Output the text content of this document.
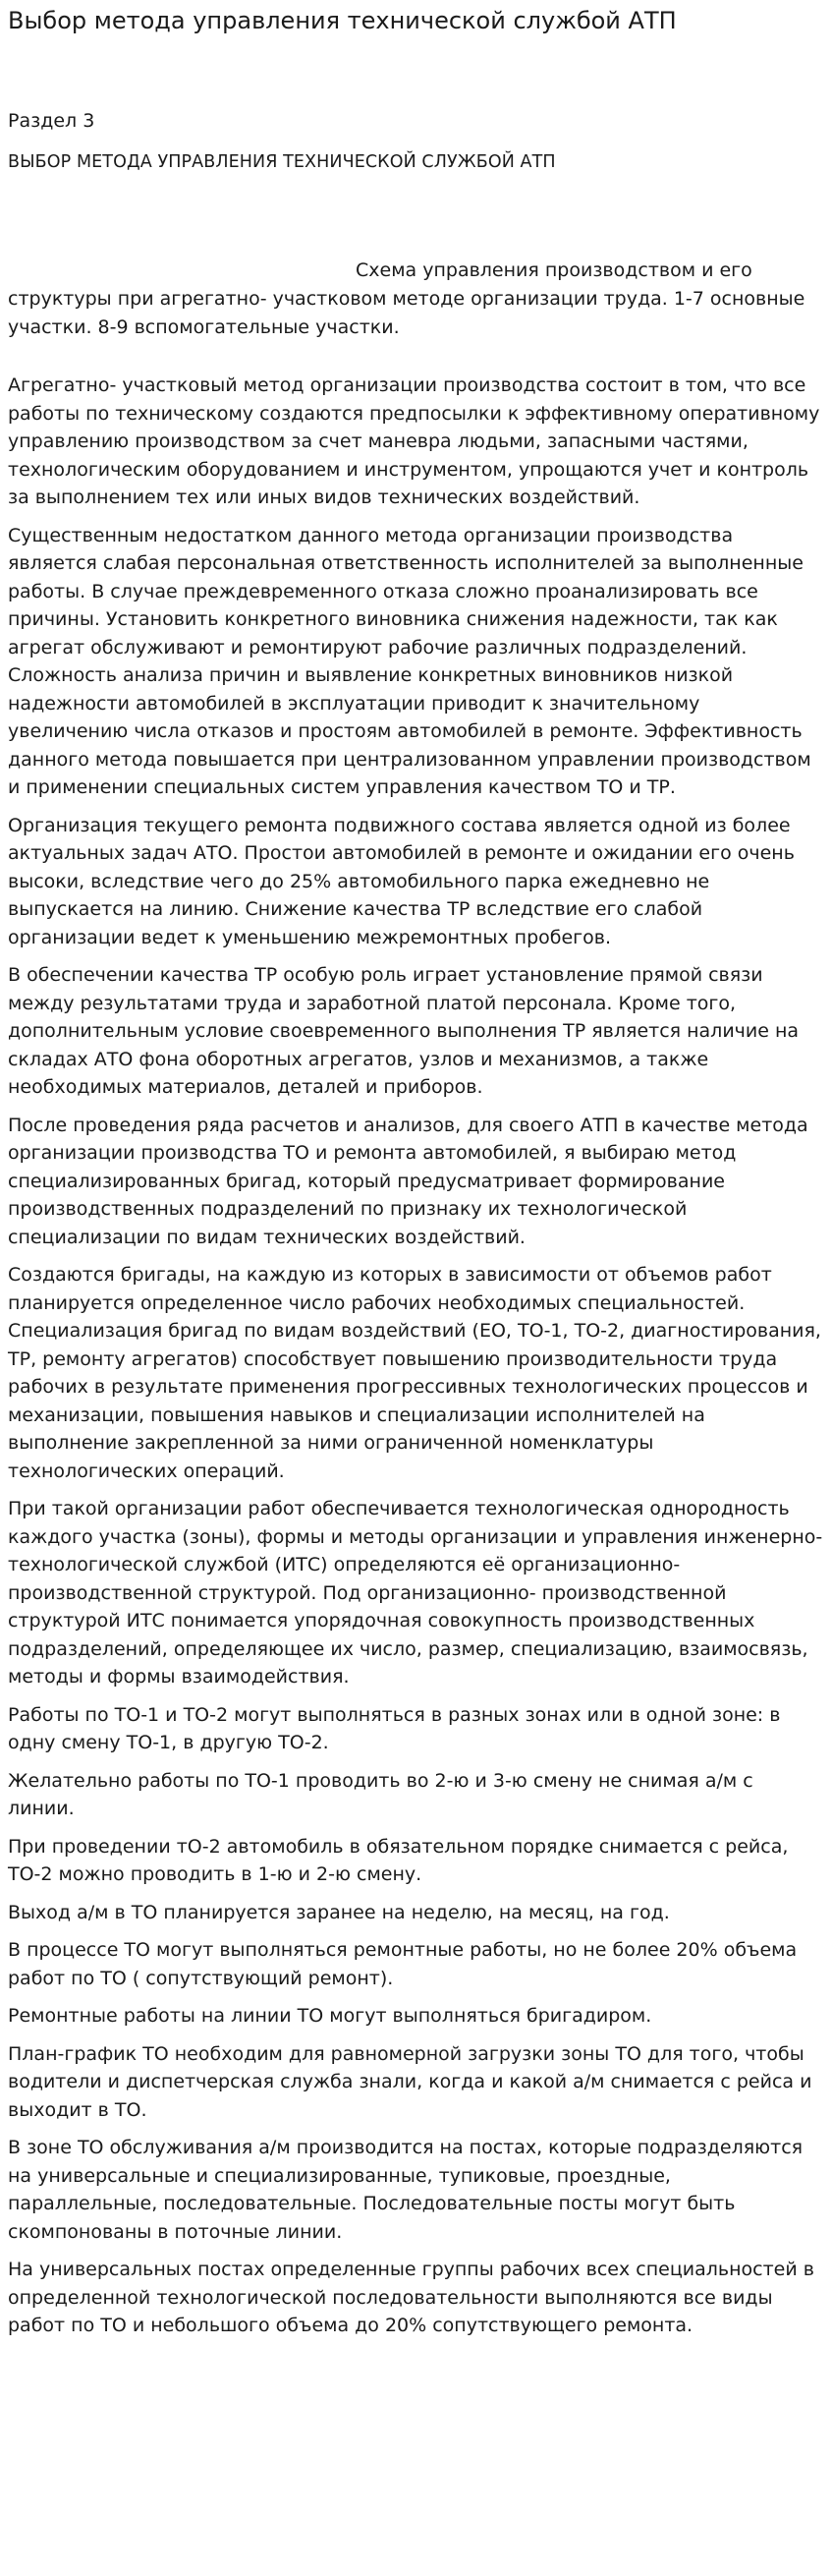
Выбор метода управления технической службой АТП
Раздел 3
ВЫБОР МЕТОДА УПРАВЛЕНИЯ ТЕХНИЧЕСКОЙ СЛУЖБОЙ АТП
Схема управления производством и его структуры при агрегатно- участковом методе организации труда. 1-7 основные участки. 8-9 вспомогательные участки.

Агрегатно- участковый метод организации производства состоит в том, что все работы по техническому создаются предпосылки к эффективному оперативному управлению производством за счет маневра людьми, запасными частями, технологическим оборудованием и инструментом, упрощаются учет и контроль за выполнением тех или иных видов технических воздействий.

Существенным недостатком данного метода организации производства является слабая персональная ответственность исполнителей за выполненные работы. В случае преждевременного отказа сложно проанализировать все причины. Установить конкретного виновника снижения надежности, так как агрегат обслуживают и ремонтируют рабочие различных подразделений. Сложность анализа причин и выявление конкретных виновников низкой надежности автомобилей в эксплуатации приводит к значительному увеличению числа отказов и простоям автомобилей в ремонте. Эффективность данного метода повышается при централизованном управлении производством и применении специальных систем управления качеством ТО и ТР.

Организация текущего ремонта подвижного состава является одной из более актуальных задач АТО. Простои автомобилей в ремонте и ожидании его очень высоки, вследствие чего до 25% автомобильного парка ежедневно не выпускается на линию. Снижение качества ТР вследствие его слабой организации ведет к уменьшению межремонтных пробегов.

В обеспечении качества ТР особую роль играет установление прямой связи между результатами труда и заработной платой персонала. Кроме того, дополнительным условие своевременного выполнения ТР является наличие на складах АТО фона оборотных агрегатов, узлов и механизмов, а также необходимых материалов, деталей и приборов.

После проведения ряда расчетов и анализов, для своего АТП в качестве метода организации производства ТО и ремонта автомобилей, я выбираю метод специализированных бригад, который предусматривает формирование производственных подразделений по признаку их технологической специализации по видам технических воздействий.

Создаются бригады, на каждую из которых в зависимости от объемов работ планируется определенное число рабочих необходимых специальностей. Специализация бригад по видам воздействий (ЕО, ТО-1, ТО-2, диагностирования, ТР, ремонту агрегатов) способствует повышению производительности труда рабочих в результате применения прогрессивных технологических процессов и механизации, повышения навыков и специализации исполнителей на выполнение закрепленной за ними ограниченной номенклатуры технологических операций.

При такой организации работ обеспечивается технологическая однородность каждого участка (зоны), формы и методы организации и управления инженерно-технологической службой (ИТС) определяются её организационно-производственной структурой. Под организационно- производственной структурой ИТС понимается упорядочная совокупность производственных подразделений, определяющее их число, размер, специализацию, взаимосвязь, методы и формы взаимодействия.

Работы по ТО-1 и ТО-2 могут выполняться в разных зонах или в одной зоне: в одну смену ТО-1, в другую ТО-2.

Желательно работы по ТО-1 проводить во 2-ю и 3-ю смену не снимая а/м с линии.

При проведении тО-2 автомобиль в обязательном порядке снимается с рейса, ТО-2 можно проводить в 1-ю и 2-ю смену.

Выход а/м в ТО планируется заранее на неделю, на месяц, на год.

В процессе ТО могут выполняться ремонтные работы, но не более 20% объема работ по ТО ( сопутствующий ремонт).

Ремонтные работы на линии ТО могут выполняться бригадиром.

План-график ТО необходим для равномерной загрузки зоны ТО для того, чтобы водители и диспетчерская служба знали, когда и какой а/м снимается с рейса и выходит в ТО.

В зоне ТО обслуживания а/м производится на постах, которые подразделяются на универсальные и специализированные, тупиковые, проездные, параллельные, последовательные. Последовательные посты могут быть скомпонованы в поточные линии.

На универсальных постах определенные группы рабочих всех специальностей в определенной технологической последовательности выполняются все виды работ по ТО и небольшого объема до 20% сопутствующего ремонта.
